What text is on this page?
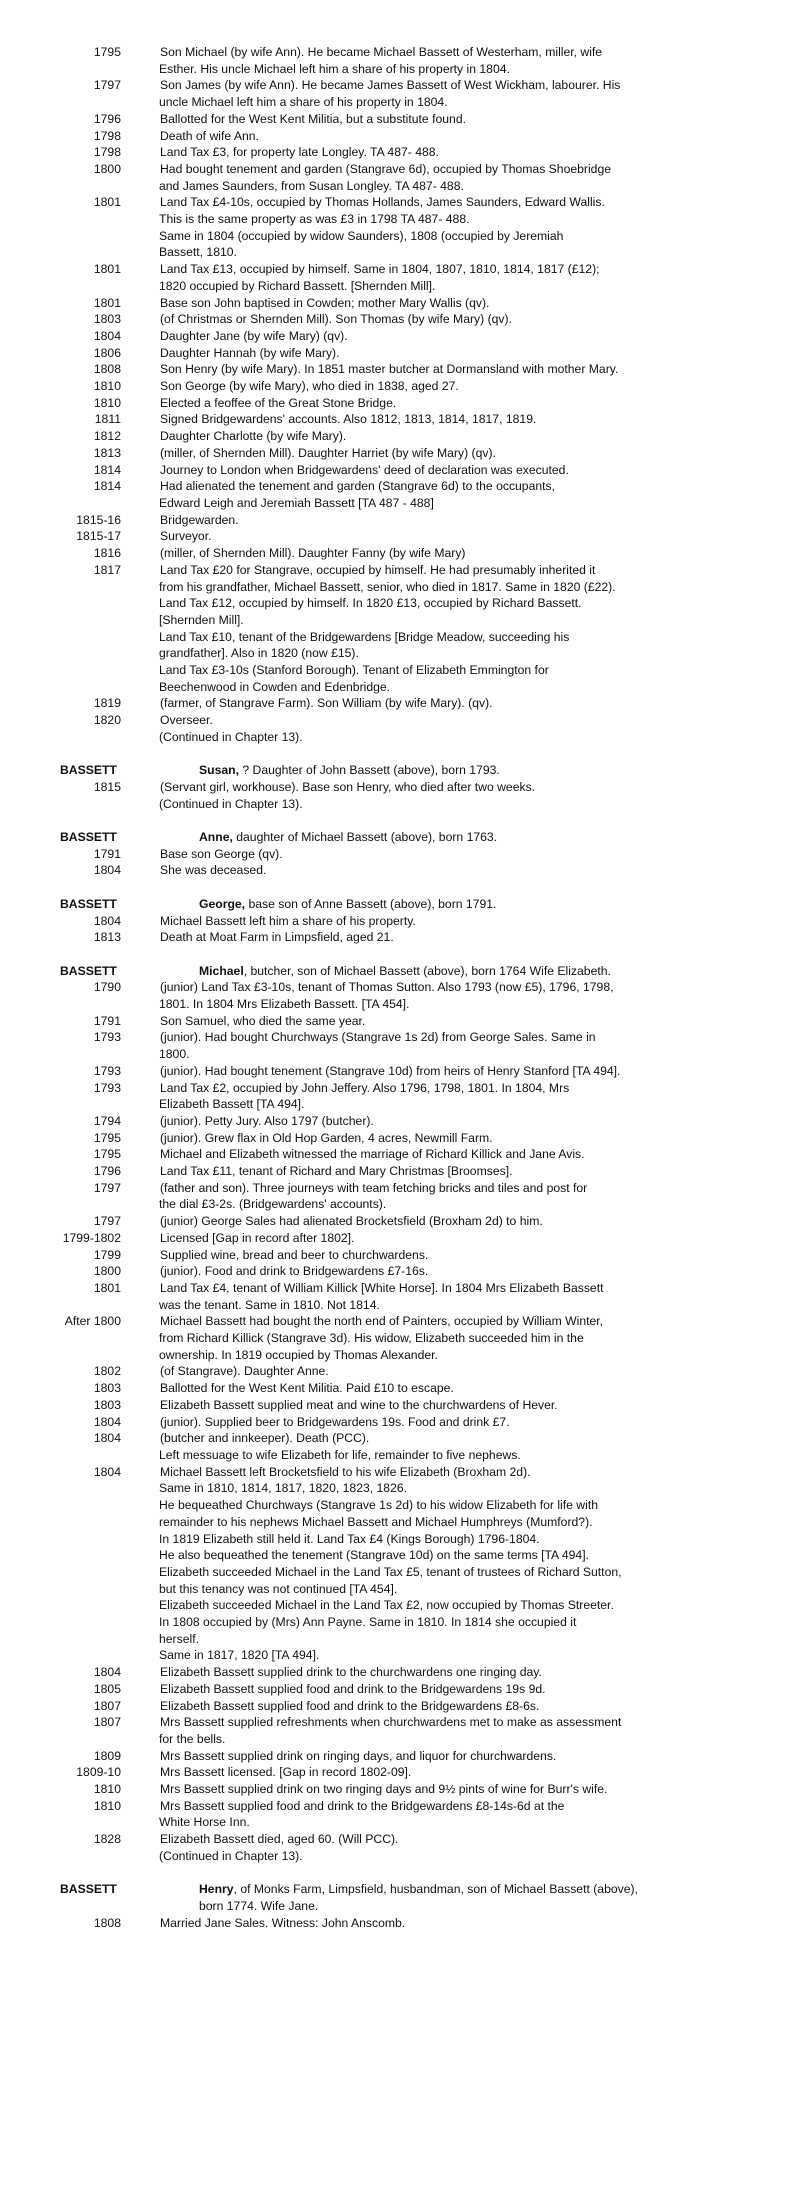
1795	Son Michael (by wife Ann). He became Michael Bassett of Westerham, miller, wife
Esther. His uncle Michael left him a share of his property in 1804.
1797	Son James (by wife Ann). He became James Bassett of West Wickham, labourer. His
uncle Michael left him a share of his property in 1804.
1796	Ballotted for the West Kent Militia, but a substitute found.
1798	Death of wife Ann.
1798	Land Tax £3, for property late Longley. TA 487- 488.
1800	Had bought tenement and garden (Stangrave 6d), occupied by Thomas Shoebridge
and James Saunders, from Susan Longley. TA 487- 488.
1801	Land Tax £4-10s, occupied by Thomas Hollands, James Saunders, Edward Wallis.
This is the same property as was £3 in 1798 TA 487- 488.
Same in 1804 (occupied by widow Saunders), 1808 (occupied by Jeremiah
Bassett, 1810.
1801	Land Tax £13, occupied by himself. Same in 1804, 1807, 1810, 1814, 1817 (£12);
1820 occupied by Richard Bassett. [Shernden Mill].
1801	Base son John baptised in Cowden; mother Mary Wallis (qv).
1803	(of Christmas or Shernden Mill). Son Thomas (by wife Mary) (qv).
1804	Daughter Jane (by wife Mary) (qv).
1806	Daughter Hannah (by wife Mary).
1808	Son Henry (by wife Mary). In 1851 master butcher at Dormansland with mother Mary.
1810	Son George (by wife Mary), who died in 1838, aged 27.
1810	Elected a feoffee of the Great Stone Bridge.
1811	Signed Bridgewardens' accounts. Also 1812, 1813, 1814, 1817, 1819.
1812	Daughter Charlotte (by wife Mary).
1813	(miller, of Shernden Mill). Daughter Harriet (by wife Mary) (qv).
1814	Journey to London when Bridgewardens' deed of declaration was executed.
1814	Had alienated the tenement and garden (Stangrave 6d) to the occupants,
Edward Leigh and Jeremiah Bassett [TA 487 - 488]
1815-16	Bridgewarden.
1815-17	Surveyor.
1816	(miller, of Shernden Mill). Daughter Fanny (by wife Mary)
1817	Land Tax £20 for Stangrave, occupied by himself. He had presumably inherited it
from his grandfather, Michael Bassett, senior, who died in 1817. Same in 1820 (£22).
Land Tax £12, occupied by himself. In 1820 £13, occupied by Richard Bassett.
[Shernden Mill].
Land Tax £10, tenant of the Bridgewardens [Bridge Meadow, succeeding his
grandfather]. Also in 1820 (now £15).
Land Tax £3-10s (Stanford Borough). Tenant of Elizabeth Emmington for
Beechenwood in Cowden and Edenbridge.
1819	(farmer, of Stangrave Farm). Son William (by wife Mary). (qv).
1820	Overseer.
(Continued in Chapter 13).
BASSETT	Susan, ? Daughter of John Bassett (above), born 1793.
1815	(Servant girl, workhouse). Base son Henry, who died after two weeks.
(Continued in Chapter 13).
BASSETT	Anne, daughter of Michael Bassett (above), born 1763.
1791	Base son George (qv).
1804	She was deceased.
BASSETT	George, base son of Anne Bassett (above), born 1791.
1804	Michael Bassett left him a share of his property.
1813	Death at Moat Farm in Limpsfield, aged 21.
BASSETT	Michael, butcher, son of Michael Bassett (above), born 1764 Wife Elizabeth.
1790	(junior) Land Tax £3-10s, tenant of Thomas Sutton. Also 1793 (now £5), 1796, 1798,
1801. In 1804 Mrs Elizabeth Bassett. [TA 454].
1791	Son Samuel, who died the same year.
1793	(junior). Had bought Churchways (Stangrave 1s 2d) from George Sales. Same in
1800.
1793	(junior). Had bought tenement (Stangrave 10d) from heirs of Henry Stanford [TA 494].
1793	Land Tax £2, occupied by John Jeffery. Also 1796, 1798, 1801. In 1804, Mrs
Elizabeth Bassett [TA 494].
1794	(junior). Petty Jury. Also 1797 (butcher).
1795	(junior). Grew flax in Old Hop Garden, 4 acres, Newmill Farm.
1795	Michael and Elizabeth witnessed the marriage of Richard Killick and Jane Avis.
1796	Land Tax £11, tenant of Richard and Mary Christmas [Broomses].
1797	(father and son). Three journeys with team fetching bricks and tiles and post for
the dial £3-2s. (Bridgewardens' accounts).
1797	(junior) George Sales had alienated Brocketsfield (Broxham 2d) to him.
1799-1802	Licensed [Gap in record after 1802].
1799	Supplied wine, bread and beer to churchwardens.
1800	(junior). Food and drink to Bridgewardens £7-16s.
1801	Land Tax £4, tenant of William Killick [White Horse]. In 1804 Mrs Elizabeth Bassett
was the tenant. Same in 1810. Not 1814.
After 1800	Michael Bassett had bought the north end of Painters, occupied by William Winter,
from Richard Killick (Stangrave 3d). His widow, Elizabeth succeeded him in the
ownership. In 1819 occupied by Thomas Alexander.
1802	(of Stangrave). Daughter Anne.
1803	Ballotted for the West Kent Militia. Paid £10 to escape.
1803	Elizabeth Bassett supplied meat and wine to the churchwardens of Hever.
1804	(junior). Supplied beer to Bridgewardens 19s. Food and drink £7.
1804	(butcher and innkeeper). Death (PCC).
Left messuage to wife Elizabeth for life, remainder to five nephews.
1804	Michael Bassett left Brocketsfield to his wife Elizabeth (Broxham 2d).
Same in 1810, 1814, 1817, 1820, 1823, 1826.
He bequeathed Churchways (Stangrave 1s 2d) to his widow Elizabeth for life with
remainder to his nephews Michael Bassett and Michael Humphreys (Mumford?).
In 1819 Elizabeth still held it. Land Tax £4 (Kings Borough) 1796-1804.
He also bequeathed the tenement (Stangrave 10d) on the same terms [TA 494].
Elizabeth succeeded Michael in the Land Tax £5, tenant of trustees of Richard Sutton,
but this tenancy was not continued [TA 454].
Elizabeth succeeded Michael in the Land Tax £2, now occupied by Thomas Streeter.
In 1808 occupied by (Mrs) Ann Payne. Same in 1810. In 1814 she occupied it
herself.
Same in 1817, 1820 [TA 494].
1804	Elizabeth Bassett supplied drink to the churchwardens one ringing day.
1805	Elizabeth Bassett supplied food and drink to the Bridgewardens 19s 9d.
1807	Elizabeth Bassett supplied food and drink to the Bridgewardens £8-6s.
1807	Mrs Bassett supplied refreshments when churchwardens met to make as assessment
for the bells.
1809	Mrs Bassett supplied drink on ringing days, and liquor for churchwardens.
1809-10	Mrs Bassett licensed. [Gap in record 1802-09].
1810	Mrs Bassett supplied drink on two ringing days and 9½ pints of wine for Burr's wife.
1810	Mrs Bassett supplied food and drink to the Bridgewardens £8-14s-6d at the
White Horse Inn.
1828	Elizabeth Bassett died, aged 60. (Will PCC).
(Continued in Chapter 13).
BASSETT	Henry, of Monks Farm, Limpsfield, husbandman, son of Michael Bassett (above),
born 1774. Wife Jane.
1808	Married Jane Sales. Witness: John Anscomb.
